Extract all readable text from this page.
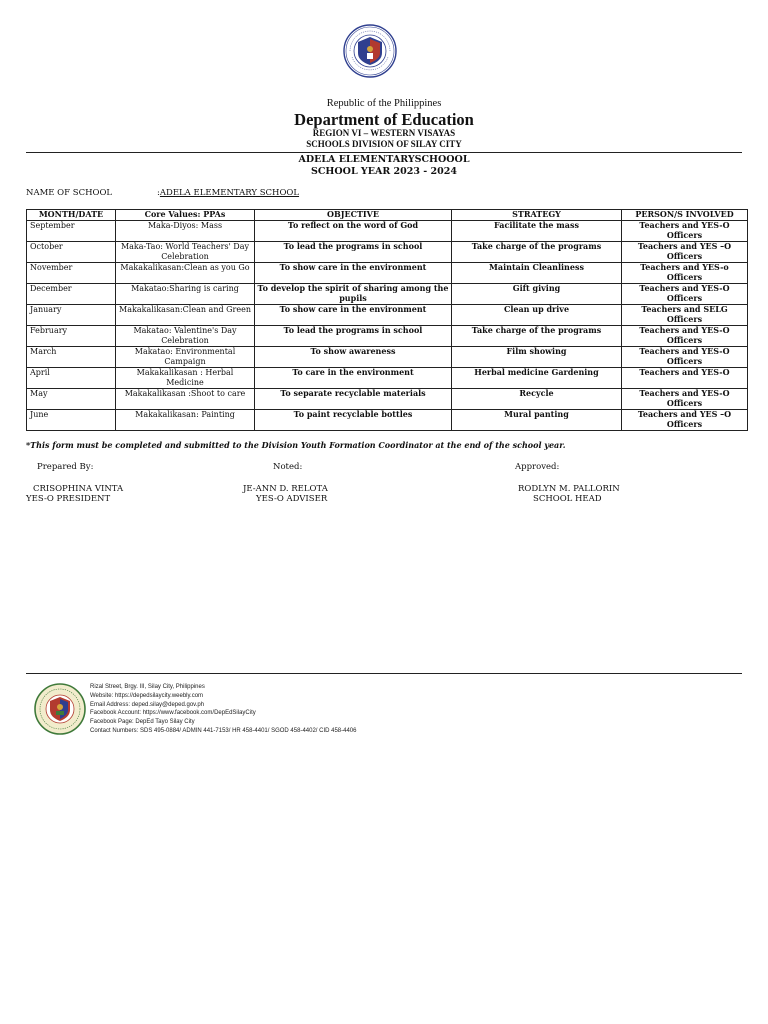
Republic of the Philippines
Department of Education
REGION VI – WESTERN VISAYAS
SCHOOLS DIVISION OF SILAY CITY
ADELA ELEMENTARYSCHOOOL
SCHOOL YEAR 2023 - 2024
NAME OF SCHOOL	:ADELA ELEMENTARY SCHOOL
MONTH/DATE	Core Values: PPAs	OBJECTIVE	STRATEGY	PERSON/S INVOLVED
September	Maka-Diyos: Mass	To reflect on the word of God	Facilitate the mass	Teachers and YES-O Officers
October	Maka-Tao: World Teachers' Day Celebration	To lead the programs in school	Take charge of the programs	Teachers and YES –O Officers
November	Makakalikasan:Clean as you Go	To show care in the environment	Maintain Cleanliness	Teachers and YES-o Officers
December	Makatao:Sharing is caring	To develop the spirit of sharing among the pupils	Gift giving	Teachers and YES-O Officers
January	Makakalikasan:Clean and Green	To show care in the environment	Clean up drive	Teachers and SELG Officers
February	Makatao: Valentine's Day Celebration	To lead the programs in school	Take charge of the programs	Teachers and YES-O Officers
March	Makatao: Environmental Campaign	To show awareness	Film showing	Teachers and YES-O Officers
April	Makakalikasan : Herbal Medicine	To care in the environment	Herbal medicine Gardening	Teachers and YES-O
May	Makakalikasan :Shoot to care	To separate recyclable materials	Recycle	Teachers and YES-O Officers
June	Makakalikasan: Painting	To paint recyclable bottles	Mural panting	Teachers and YES –O Officers
*This form must be completed and submitted to the Division Youth Formation Coordinator at the end of the school year.
Prepared By:	Noted:	Approved:
CRISOPHINA VINTA
YES-O PRESIDENT
JE-ANN D. RELOTA
YES-O ADVISER
RODLYN M. PALLORIN
SCHOOL HEAD
Rizal Street, Brgy. III, Silay City, Philippines
Website: https://depedsilaycity.weebly.com
Email Address: deped.silay@deped.gov.ph
Facebook Account: https://www.facebook.com/DepEdSilayCity
Facebook Page: DepEd Tayo Silay City
Contact Numbers: SDS 495-0884/ ADMIN 441-7153/ HR 458-4401/ SGOD 458-4402/ CID 458-4406
